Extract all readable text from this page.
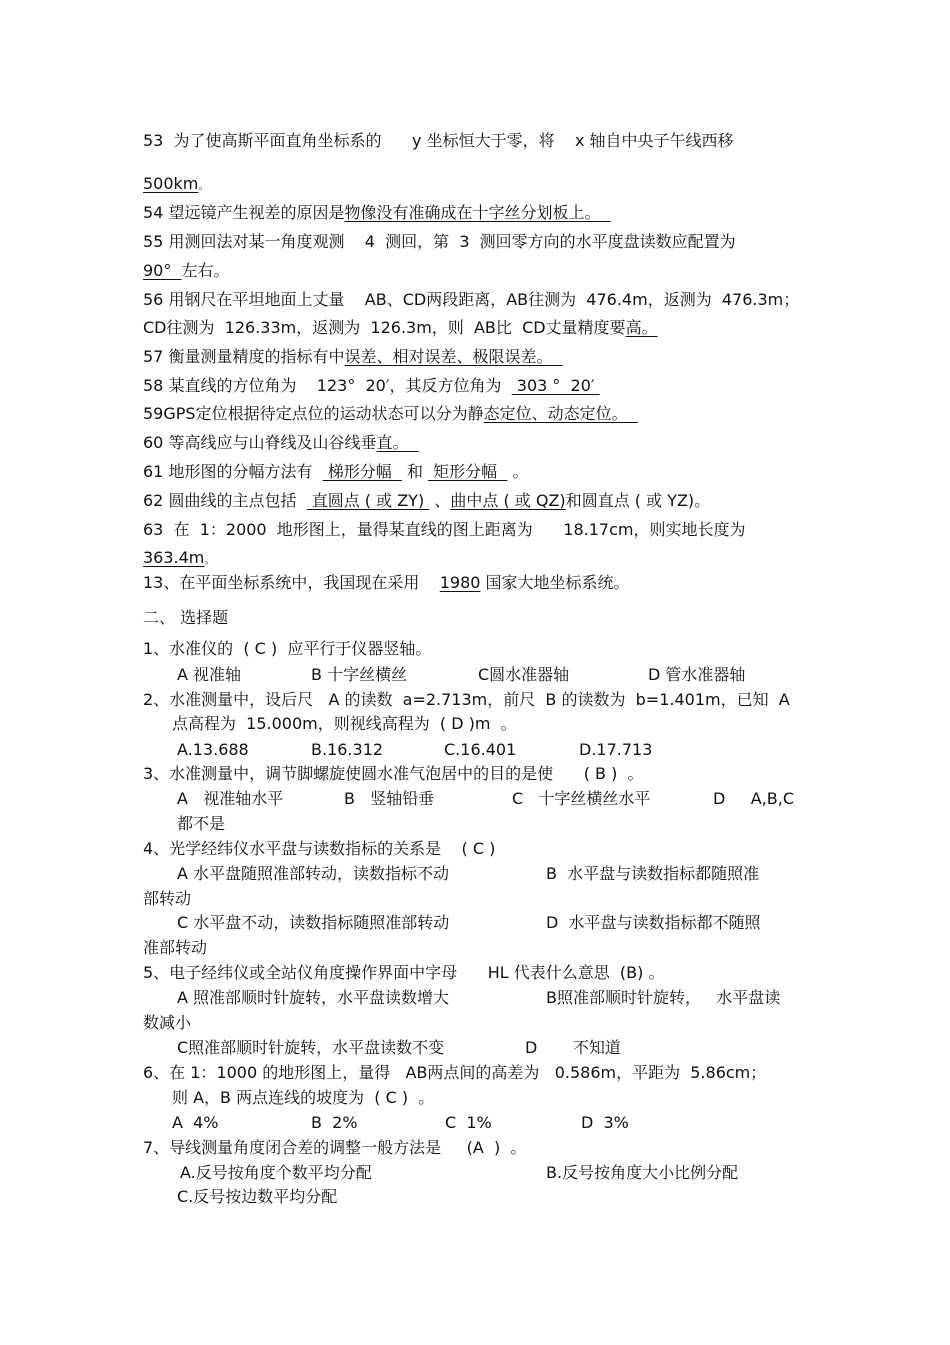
53  为了使高斯平面直角坐标系的      y 坐标恒大于零，将    x 轴自中央子午线西移
500km。
54 望远镜产生视差的原因是物像没有准确成在十字丝分划板上。
55 用测回法对某一角度观测    4  测回，第  3  测回零方向的水平度盘读数应配置为
90°  左右。
56 用钢尺在平坦地面上丈量    AB、CD两段距离，AB往测为  476.4m，返测为  476.3m；
CD往测为  126.33m，返测为  126.3m，则  AB比  CD丈量精度要高。
57 衡量测量精度的指标有中误差、相对误差、极限误差。
58 某直线的方位角为    123°  20′，其反方位角为   303 °  20′
59GPS定位根据待定点位的运动状态可以分为静态定位、动态定位。
60 等高线应与山脊线及山谷线垂直。
61 地形图的分幅方法有   梯形分幅   和  矩形分幅   。
62 圆曲线的主点包括   直圆点 ( 或 ZY)  、曲中点 ( 或 QZ)和圆直点 ( 或 YZ)。
63  在  1：2000  地形图上，量得某直线的图上距离为      18.17cm，则实地长度为
363.4m。
13、在平面坐标系统中，我国现在采用    1980 国家大地坐标系统。
二、 选择题
1、水准仪的  ( C )  应平行于仪器竖轴。
A 视准轴	B 十字丝横丝	C圆水准器轴	D 管水准器轴
2、水准测量中，设后尺   A 的读数  a=2.713m，前尺  B 的读数为  b=1.401m，已知  A
点高程为  15.000m，则视线高程为  ( D )m  。
A.13.688	B.16.312	C.16.401	D.17.713
3、水准测量中，调节脚螺旋使圆水准气泡居中的目的是使      ( B )  。
A   视准轴水平	B   竖轴铅垂	C   十字丝横丝水平	D     A,B,C
都不是
4、光学经纬仪水平盘与读数指标的关系是    ( C )
A 水平盘随照准部转动，读数指标不动	B  水平盘与读数指标都随照准
部转动
C 水平盘不动，读数指标随照准部转动	D  水平盘与读数指标都不随照
准部转动
5、电子经纬仪或全站仪角度操作界面中字母      HL 代表什么意思  (B) 。
A 照准部顺时针旋转，水平盘读数增大	B照准部顺时针旋转，   水平盘读
数减小
C照准部顺时针旋转，水平盘读数不变	D       不知道
6、在 1：1000 的地形图上，量得   AB两点间的高差为   0.586m，平距为  5.86cm；
则 A，B 两点连线的坡度为  ( C )  。
A  4%	B  2%	C  1%	D  3%
7、导线测量角度闭合差的调整一般方法是     (A  )  。
A.反号按角度个数平均分配	B.反号按角度大小比例分配
C.反号按边数平均分配
